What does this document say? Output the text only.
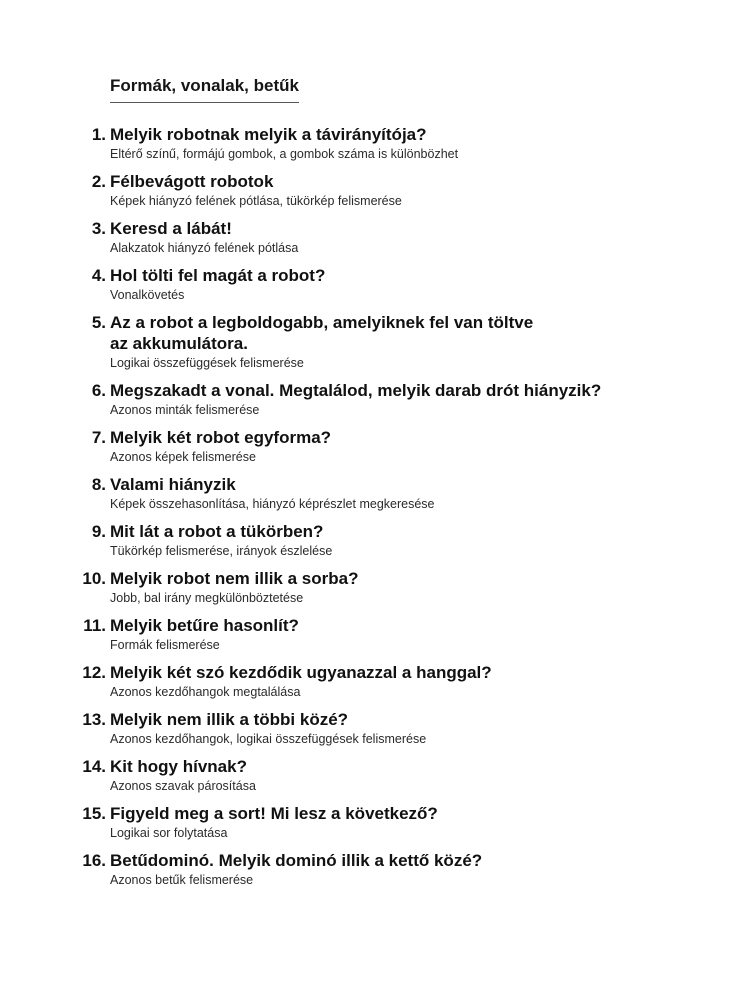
Formák, vonalak, betűk
1. Melyik robotnak melyik a távirányítója?
Eltérő színű, formájú gombok, a gombok száma is különbözhet
2. Félbevágott robotok
Képek hiányzó felének pótlása, tükörkép felismerése
3. Keresd a lábát!
Alakzatok hiányzó felének pótlása
4. Hol tölti fel magát a robot?
Vonalkövetés
5. Az a robot a legboldogabb, amelyiknek fel van töltve
az akkumulátora.
Logikai összefüggések felismerése
6. Megszakadt a vonal. Megtalálod, melyik darab drót hiányzik?
Azonos minták felismerése
7. Melyik két robot egyforma?
Azonos képek felismerése
8. Valami hiányzik
Képek összehasonlítása, hiányzó képrészlet megkeresése
9. Mit lát a robot a tükörben?
Tükörkép felismerése, irányok észlelése
10. Melyik robot nem illik a sorba?
Jobb, bal irány megkülönböztetése
11. Melyik betűre hasonlít?
Formák felismerése
12. Melyik két szó kezdődik ugyanazzal a hanggal?
Azonos kezdőhangok megtalálása
13. Melyik nem illik a többi közé?
Azonos kezdőhangok, logikai összefüggések felismerése
14. Kit hogy hívnak?
Azonos szavak párosítása
15. Figyeld meg a sort! Mi lesz a következő?
Logikai sor folytatása
16. Betűdominó. Melyik dominó illik a kettő közé?
Azonos betűk felismerése
